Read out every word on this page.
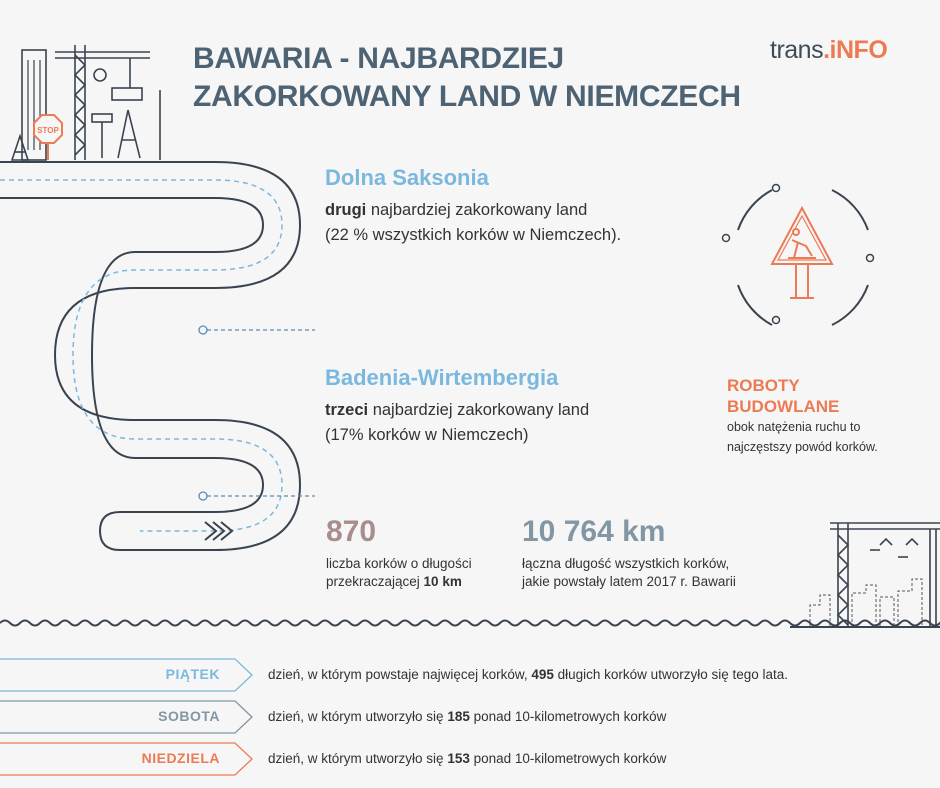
STOP
BAWARIA - NAJBARDZIEJ
ZAKORKOWANY LAND W NIEMCZECH
trans.iNFO
Dolna Saksonia
drugi najbardziej zakorkowany land
(22 % wszystkich korków w Niemczech).
Badenia-Wirtembergia
trzeci najbardziej zakorkowany land
(17% korków w Niemczech)
ROBOTY
BUDOWLANE
obok natężenia ruchu to
najczęstszy powód korków.
870
liczba korków o długości
przekraczającej 10 km
10 764 km
łączna długość wszystkich korków,
jakie powstały latem 2017 r. Bawarii
PIĄTEK	dzień, w którym powstaje najwięcej korków, 495 długich korków utworzyło się tego lata.
SOBOTA	dzień, w którym utworzyło się 185 ponad 10-kilometrowych korków
NIEDZIELA	dzień, w którym utworzyło się 153 ponad 10-kilometrowych korków
